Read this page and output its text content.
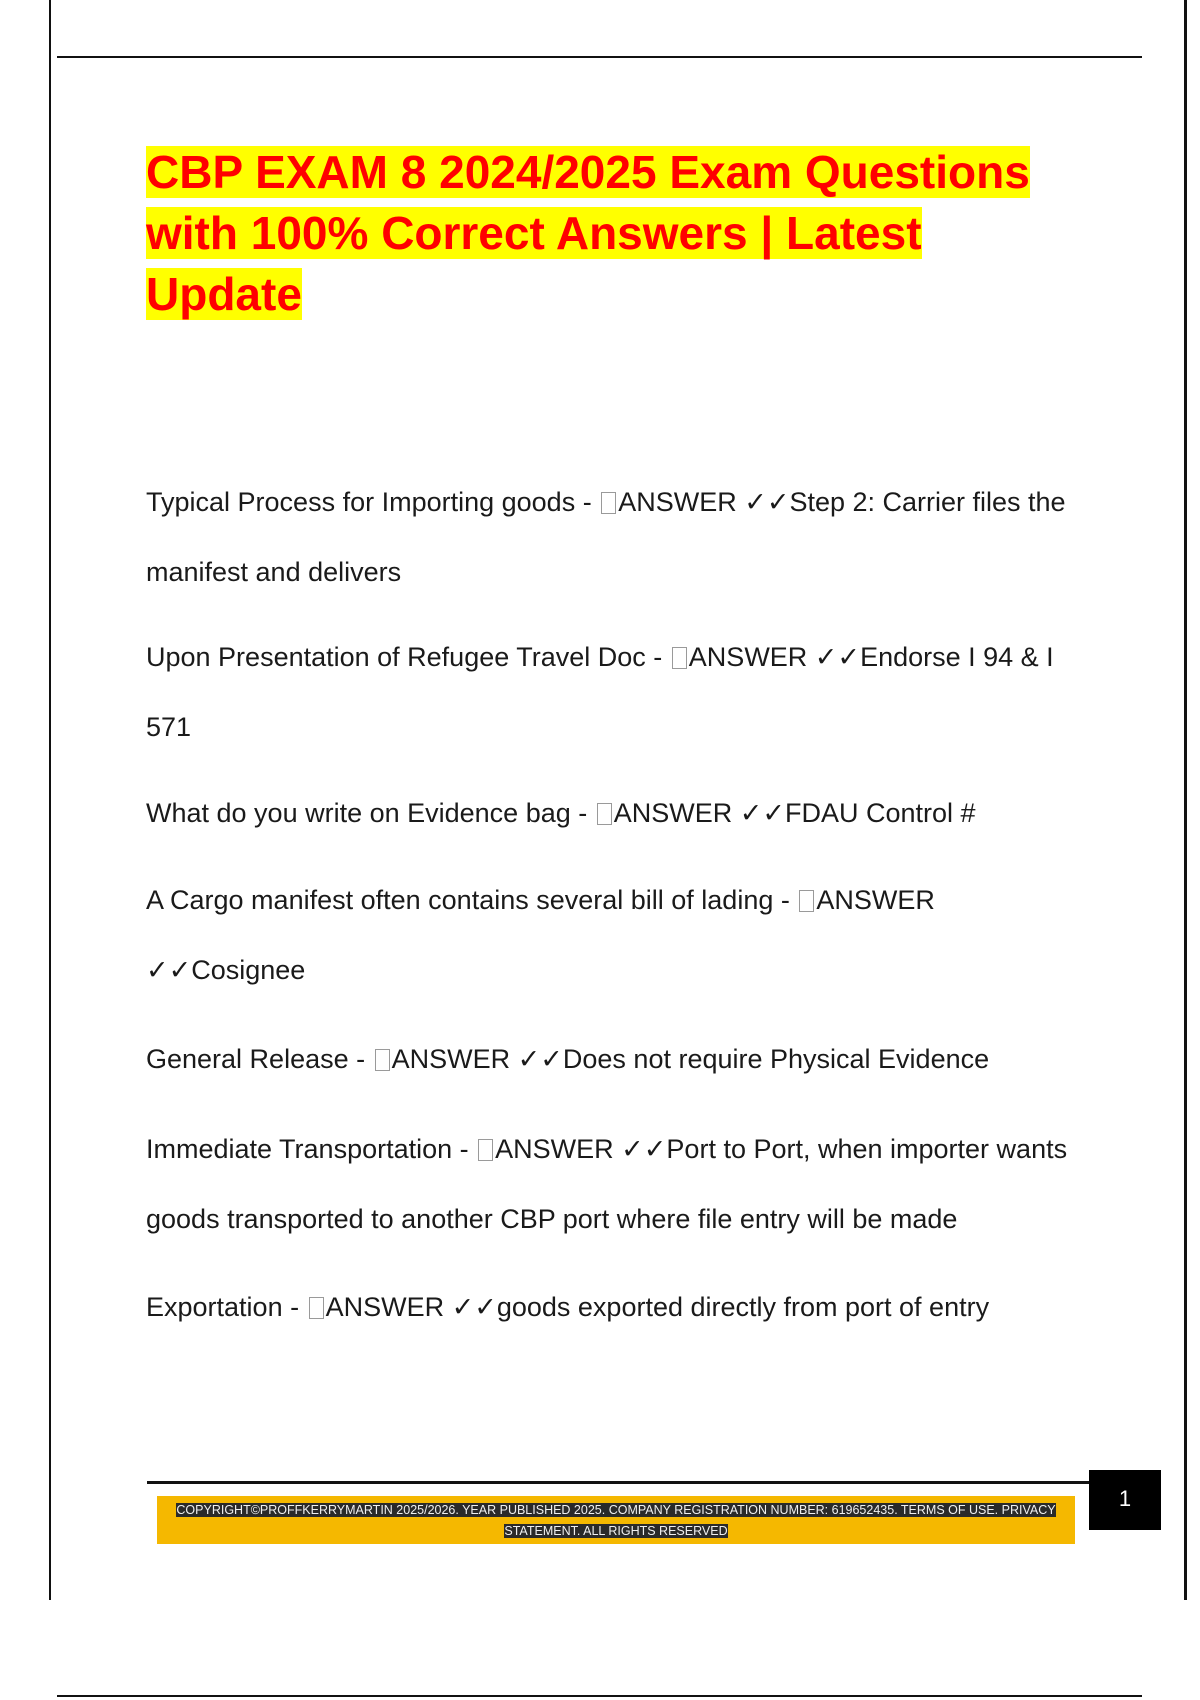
CBP EXAM 8 2024/2025 Exam Questions with 100% Correct Answers | Latest Update

Typical Process for Importing goods - ANSWER ✓✓Step 2: Carrier files the manifest and delivers

Upon Presentation of Refugee Travel Doc - ANSWER ✓✓Endorse I 94 & I 571

What do you write on Evidence bag - ANSWER ✓✓FDAU Control #

A Cargo manifest often contains several bill of lading - ANSWER ✓✓Cosignee

General Release - ANSWER ✓✓Does not require Physical Evidence

Immediate Transportation - ANSWER ✓✓Port to Port, when importer wants goods transported to another CBP port where file entry will be made

Exportation - ANSWER ✓✓goods exported directly from port of entry

1

COPYRIGHT©PROFFKERRYMARTIN 2025/2026. YEAR PUBLISHED 2025. COMPANY REGISTRATION NUMBER: 619652435. TERMS OF USE. PRIVACY STATEMENT. ALL RIGHTS RESERVED
